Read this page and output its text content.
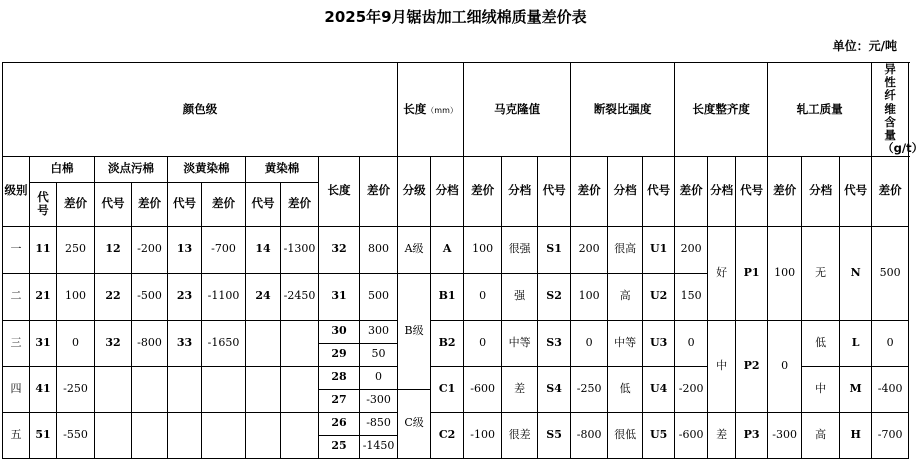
2025年9月锯齿加工细绒棉质量差价表
单位：元/吨
颜色级											长度（mm）		马克隆值			断裂比强度			长度整齐度			轧工质量			异性纤维含量（g/t）
级别	白棉		淡点污棉		淡黄染棉		黄染棉		长度	差价	分级	分档	差价	分档	代号	差价	分档	代号	差价	分档	代号	差价	分档	代号	差价
	代号	差价	代号	差价	代号	差价	代号	差价																	
一	11	250	12	-200	13	-700	14	-1300	32	800	A级	A	100	很强	S1	200	很高	U1	200	好	P1	100	无	N	500
二	21	100	22	-500	23	-1100	24	-2450	31	500	B级	B1	0	强	S2	100	高	U2	150						
三	31	0	32	-800	33	-1650			30	300		B2	0	中等	S3	0	中等	U3	0	中	P2	0	低	L	0
									29	50															
四	41	-250							28	0		C1	-600	差	S4	-250	低	U4	-200				中	M	-400
									27	-300	C级														
五	51	-550							26	-850		C2	-100	很差	S5	-800	很低	U5	-600	差	P3	-300	高	H	-700
									25	-1450															
